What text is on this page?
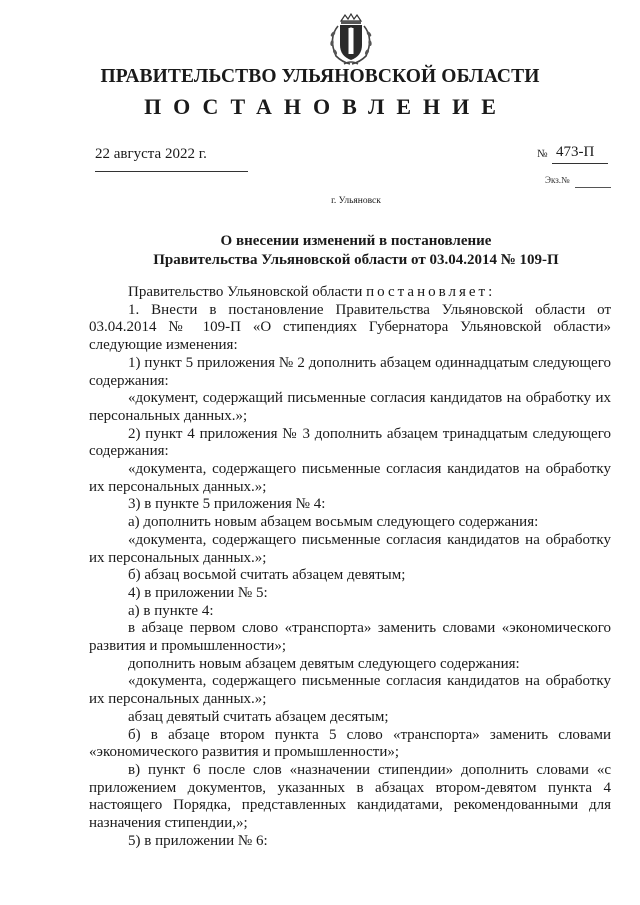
ПРАВИТЕЛЬСТВО УЛЬЯНОВСКОЙ ОБЛАСТИ
ПОСТАНОВЛЕНИЕ
22 августа 2022 г.	№ 473-П
Экз.№
г. Ульяновск
О внесении изменений в постановление
Правительства Ульяновской области от 03.04.2014 № 109-П

Правительство Ульяновской области постановляет:

1. Внести в постановление Правительства Ульяновской области от 03.04.2014 № 109-П «О стипендиях Губернатора Ульяновской области» следующие изменения:

1) пункт 5 приложения № 2 дополнить абзацем одиннадцатым следующего содержания:

«документ, содержащий письменные согласия кандидатов на обработку их персональных данных.»;

2) пункт 4 приложения № 3 дополнить абзацем тринадцатым следующего содержания:

«документа, содержащего письменные согласия кандидатов на обработку их персональных данных.»;

3) в пункте 5 приложения № 4:

а) дополнить новым абзацем восьмым следующего содержания:

«документа, содержащего письменные согласия кандидатов на обработку их персональных данных.»;

б) абзац восьмой считать абзацем девятым;

4) в приложении № 5:

а) в пункте 4:

в абзаце первом слово «транспорта» заменить словами «экономического развития и промышленности»;

дополнить новым абзацем девятым следующего содержания:

«документа, содержащего письменные согласия кандидатов на обработку их персональных данных.»;

абзац девятый считать абзацем десятым;

б) в абзаце втором пункта 5 слово «транспорта» заменить словами «экономического развития и промышленности»;

в) пункт 6 после слов «назначении стипендии» дополнить словами «с приложением документов, указанных в абзацах втором-девятом пункта 4 настоящего Порядка, представленных кандидатами, рекомендованными для назначения стипендии,»;

5) в приложении № 6:
